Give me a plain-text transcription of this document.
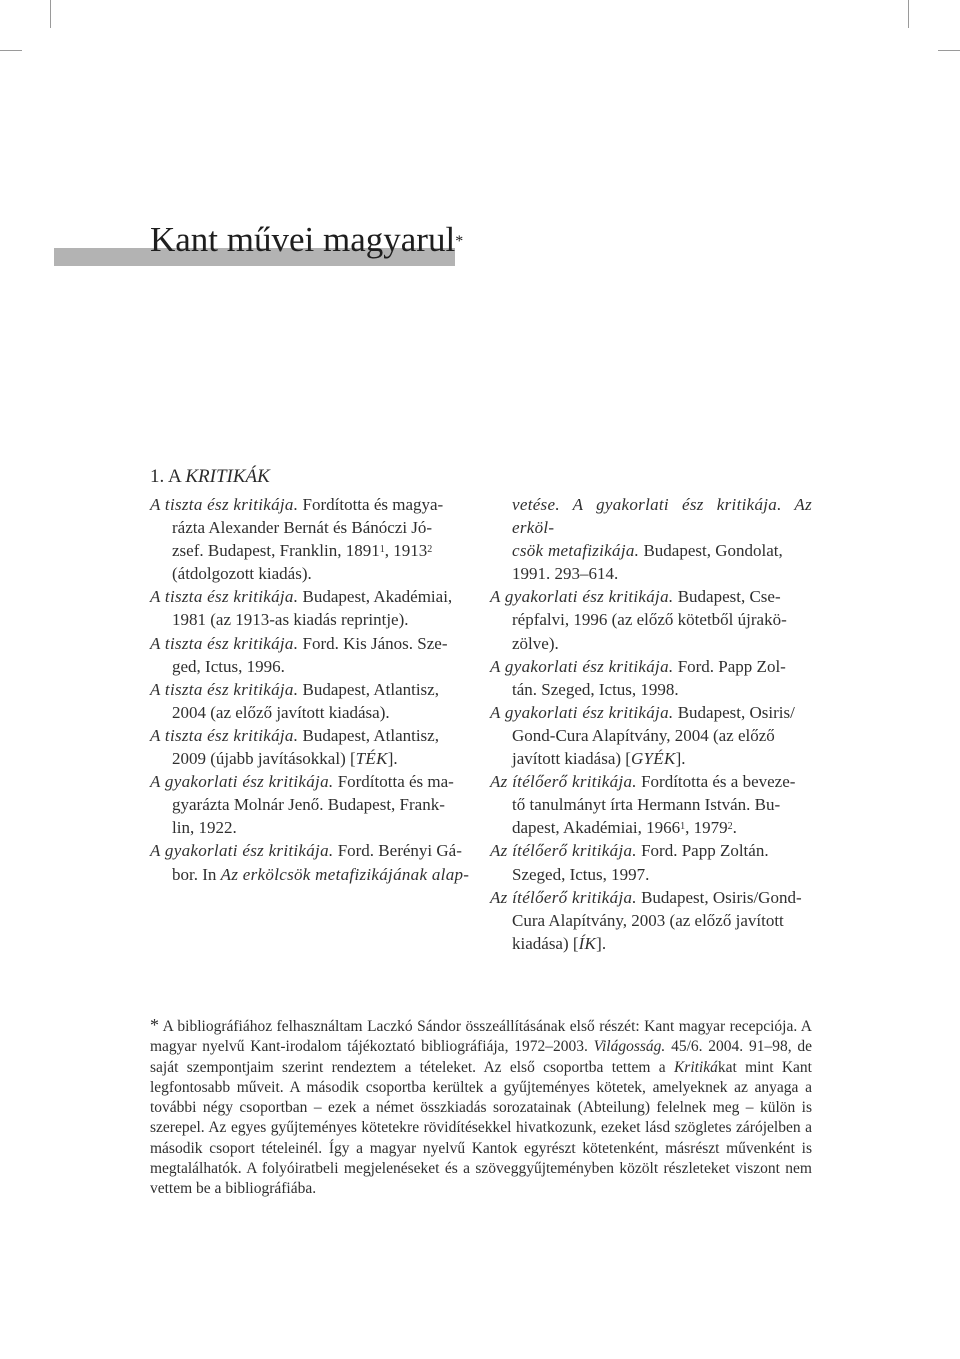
Kant művei magyarul*
1. A KRITIKÁK
A tiszta ész kritikája. Fordította és magya-
rázta Alexander Bernát és Bánóczi Jó-
zsef. Budapest, Franklin, 1891$^1$, 1913$^2$
(átdolgozott kiadás).
A tiszta ész kritikája. Budapest, Akadémiai,
1981 (az 1913-as kiadás reprintje).
A tiszta ész kritikája. Ford. Kis János. Sze-
ged, Ictus, 1996.
A tiszta ész kritikája. Budapest, Atlantisz,
2004 (az előző javított kiadása).
A tiszta ész kritikája. Budapest, Atlantisz,
2009 (újabb javításokkal) [TÉK].
A gyakorlati ész kritikája. Fordította és ma-
gyarázta Molnár Jenő. Budapest, Frank-
lin, 1922.
A gyakorlati ész kritikája. Ford. Berényi Gá-
bor. In Az erkölcsök metafizikájának alap-
vetése. A gyakorlati ész kritikája. Az erköl-
csök metafizikája. Budapest, Gondolat,
1991. 293–614.
A gyakorlati ész kritikája. Budapest, Cse-
répfalvi, 1996 (az előző kötetből újrakö-
zölve).
A gyakorlati ész kritikája. Ford. Papp Zol-
tán. Szeged, Ictus, 1998.
A gyakorlati ész kritikája. Budapest, Osiris/
Gond-Cura Alapítvány, 2004 (az előző
javított kiadása) [GYÉK].
Az ítélőerő kritikája. Fordította és a beveze-
tő tanulmányt írta Hermann István. Bu-
dapest, Akadémiai, 1966$^1$, 1979$^2$.
Az ítélőerő kritikája. Ford. Papp Zoltán.
Szeged, Ictus, 1997.
Az ítélőerő kritikája. Budapest, Osiris/Gond-
Cura Alapítvány, 2003 (az előző javított
kiadása) [ÍK].
* A bibliográfiához felhasználtam Laczkó Sándor összeállításának első részét: Kant magyar recepciója. A magyar nyelvű Kant-irodalom tájékoztató bibliográfiája, 1972–2003. Világosság. 45/6. 2004. 91–98, de saját szempontjaim szerint rendeztem a tételeket. Az első csoportba tettem a Kritikákat mint Kant legfontosabb műveit. A második csoportba kerültek a gyűjteményes kötetek, amelyeknek az anyaga a további négy csoportban – ezek a német összkiadás sorozatainak (Abteilung) felelnek meg – külön is szerepel. Az egyes gyűjteményes kötetekre rövidítésekkel hivatkozunk, ezeket lásd szögletes zárójelben a második csoport tételeinél. Így a magyar nyelvű Kantok egyrészt kötetenként, másrészt művenként is megtalálhatók. A folyóiratbeli megjelenéseket és a szöveggyűjteményben közölt részleteket viszont nem vettem be a bibliográfiába.
